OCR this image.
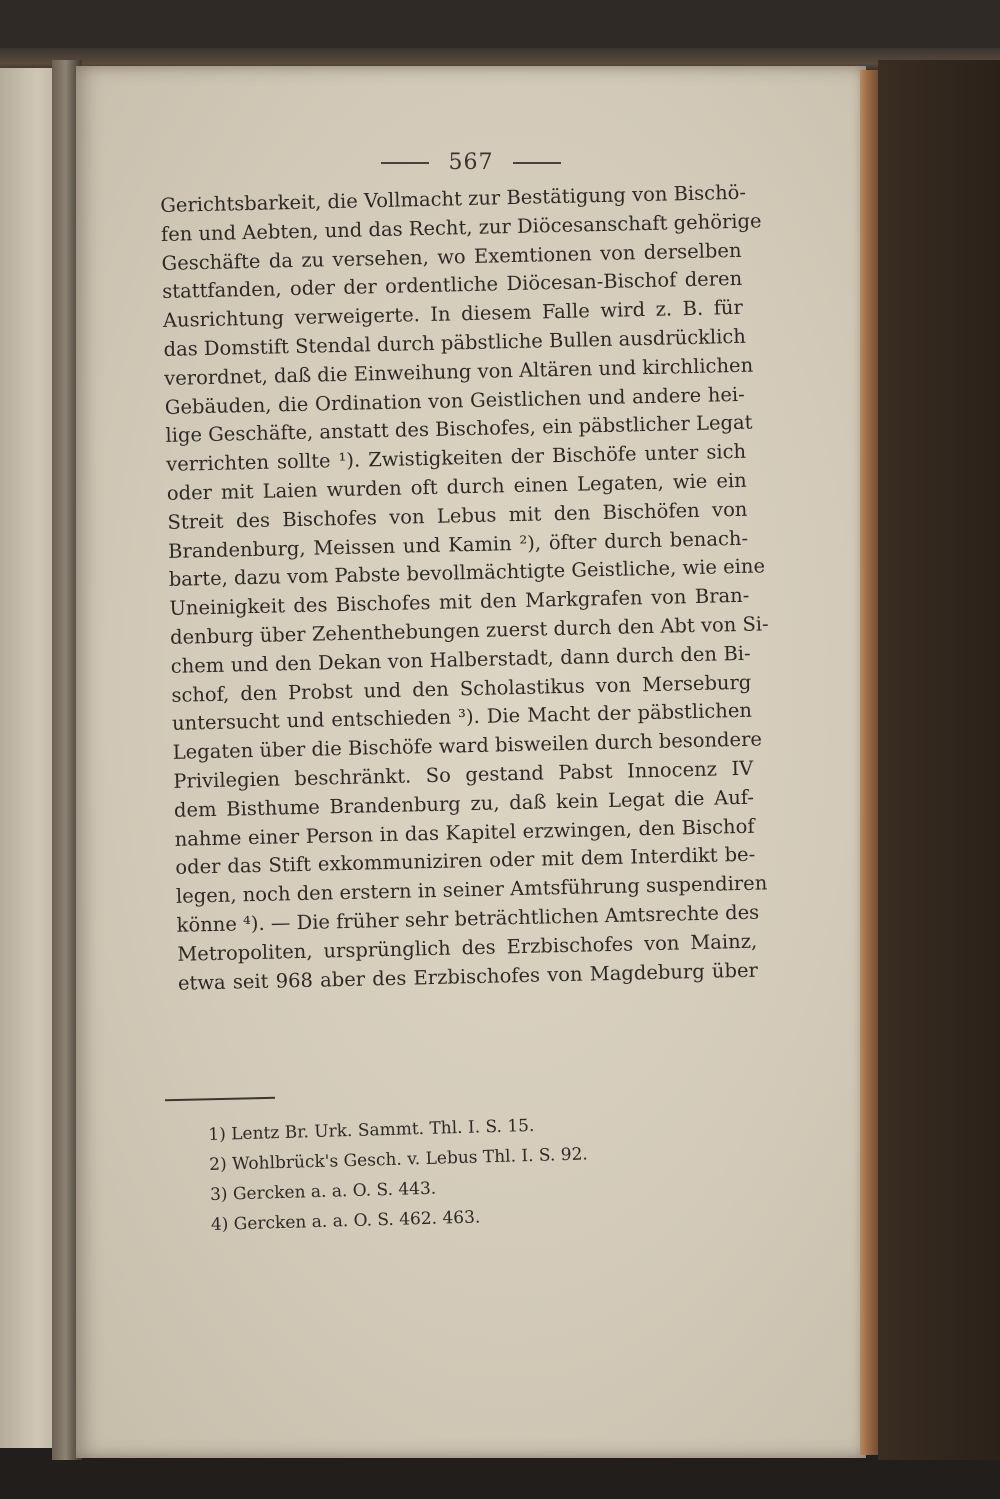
567
Gerichtsbarkeit, die Vollmacht zur Bestätigung von Bischö-
fen und Aebten, und das Recht, zur Diöcesanschaft gehörige
Geschäfte da zu versehen, wo Exemtionen von derselben
stattfanden, oder der ordentliche Diöcesan-Bischof deren
Ausrichtung verweigerte. In diesem Falle wird z. B. für
das Domstift Stendal durch päbstliche Bullen ausdrücklich
verordnet, daß die Einweihung von Altären und kirchlichen
Gebäuden, die Ordination von Geistlichen und andere hei-
lige Geschäfte, anstatt des Bischofes, ein päbstlicher Legat
verrichten sollte ¹). Zwistigkeiten der Bischöfe unter sich
oder mit Laien wurden oft durch einen Legaten, wie ein
Streit des Bischofes von Lebus mit den Bischöfen von
Brandenburg, Meissen und Kamin ²), öfter durch benach-
barte, dazu vom Pabste bevollmächtigte Geistliche, wie eine
Uneinigkeit des Bischofes mit den Markgrafen von Bran-
denburg über Zehenthebungen zuerst durch den Abt von Si-
chem und den Dekan von Halberstadt, dann durch den Bi-
schof, den Probst und den Scholastikus von Merseburg
untersucht und entschieden ³). Die Macht der päbstlichen
Legaten über die Bischöfe ward bisweilen durch besondere
Privilegien beschränkt. So gestand Pabst Innocenz IV
dem Bisthume Brandenburg zu, daß kein Legat die Auf-
nahme einer Person in das Kapitel erzwingen, den Bischof
oder das Stift exkommuniziren oder mit dem Interdikt be-
legen, noch den erstern in seiner Amtsführung suspendiren
könne ⁴). — Die früher sehr beträchtlichen Amtsrechte des
Metropoliten, ursprünglich des Erzbischofes von Mainz,
etwa seit 968 aber des Erzbischofes von Magdeburg über
1) Lentz Br. Urk. Sammt. Thl. I. S. 15.
2) Wohlbrück's Gesch. v. Lebus Thl. I. S. 92.
3) Gercken a. a. O. S. 443.
4) Gercken a. a. O. S. 462. 463.
